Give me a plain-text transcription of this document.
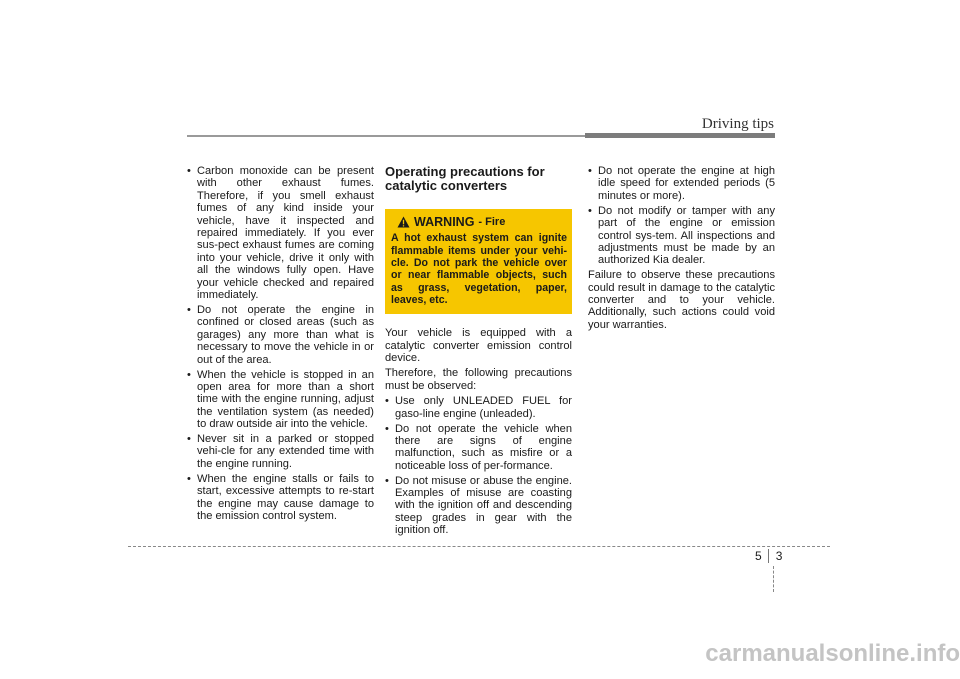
Driving tips
• Carbon monoxide can be present with other exhaust fumes. Therefore, if you smell exhaust fumes of any kind inside your vehicle, have it inspected and repaired immediately. If you ever sus-pect exhaust fumes are coming into your vehicle, drive it only with all the windows fully open. Have your vehicle checked and repaired immediately.
• Do not operate the engine in confined or closed areas (such as garages) any more than what is necessary to move the vehicle in or out of the area.
• When the vehicle is stopped in an open area for more than a short time with the engine running, adjust the ventilation system (as needed) to draw outside air into the vehicle.
• Never sit in a parked or stopped vehi-cle for any extended time with the engine running.
• When the engine stalls or fails to start, excessive attempts to re-start the engine may cause damage to the emission control system.
Operating precautions for catalytic converters
WARNING - Fire
A hot exhaust system can ignite flammable items under your vehi-cle. Do not park the vehicle over or near flammable objects, such as grass, vegetation, paper, leaves, etc.

Your vehicle is equipped with a catalytic converter emission control device.

Therefore, the following precautions must be observed:

• Use only UNLEADED FUEL for gaso-line engine (unleaded).
• Do not operate the vehicle when there are signs of engine malfunction, such as misfire or a noticeable loss of per-formance.
• Do not misuse or abuse the engine. Examples of misuse are coasting with the ignition off and descending steep grades in gear with the ignition off.
• Do not operate the engine at high idle speed for extended periods (5 minutes or more).
• Do not modify or tamper with any part of the engine or emission control sys-tem. All inspections and adjustments must be made by an authorized Kia dealer.

Failure to observe these precautions could result in damage to the catalytic converter and to your vehicle. Additionally, such actions could void your warranties.

5 3
carmanualsonline.info
